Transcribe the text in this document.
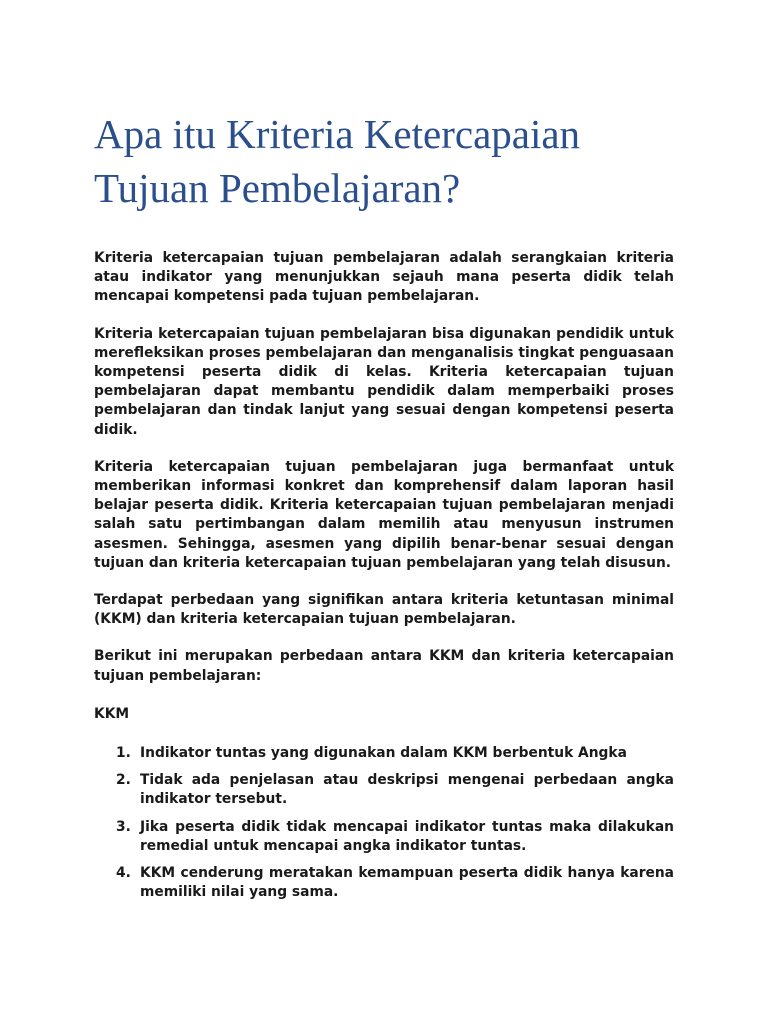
Apa itu Kriteria Ketercapaian
Tujuan Pembelajaran?

Kriteria ketercapaian tujuan pembelajaran adalah serangkaian kriteria atau indikator yang menunjukkan sejauh mana peserta didik telah mencapai kompetensi pada tujuan pembelajaran.

Kriteria ketercapaian tujuan pembelajaran bisa digunakan pendidik untuk merefleksikan proses pembelajaran dan menganalisis tingkat penguasaan kompetensi peserta didik di kelas. Kriteria ketercapaian tujuan pembelajaran dapat membantu pendidik dalam memperbaiki proses pembelajaran dan tindak lanjut yang sesuai dengan kompetensi peserta didik.

Kriteria ketercapaian tujuan pembelajaran juga bermanfaat untuk memberikan informasi konkret dan komprehensif dalam laporan hasil belajar peserta didik. Kriteria ketercapaian tujuan pembelajaran menjadi salah satu pertimbangan dalam memilih atau menyusun instrumen asesmen. Sehingga, asesmen yang dipilih benar-benar sesuai dengan tujuan dan kriteria ketercapaian tujuan pembelajaran yang telah disusun.

Terdapat perbedaan yang signifikan antara kriteria ketuntasan minimal (KKM) dan kriteria ketercapaian tujuan pembelajaran.

Berikut ini merupakan perbedaan antara KKM dan kriteria ketercapaian tujuan pembelajaran:

KKM

1. Indikator tuntas yang digunakan dalam KKM berbentuk Angka

2. Tidak ada penjelasan atau deskripsi mengenai perbedaan angka indikator tersebut.

3. Jika peserta didik tidak mencapai indikator tuntas maka dilakukan remedial untuk mencapai angka indikator tuntas.

4. KKM cenderung meratakan kemampuan peserta didik hanya karena memiliki nilai yang sama.
